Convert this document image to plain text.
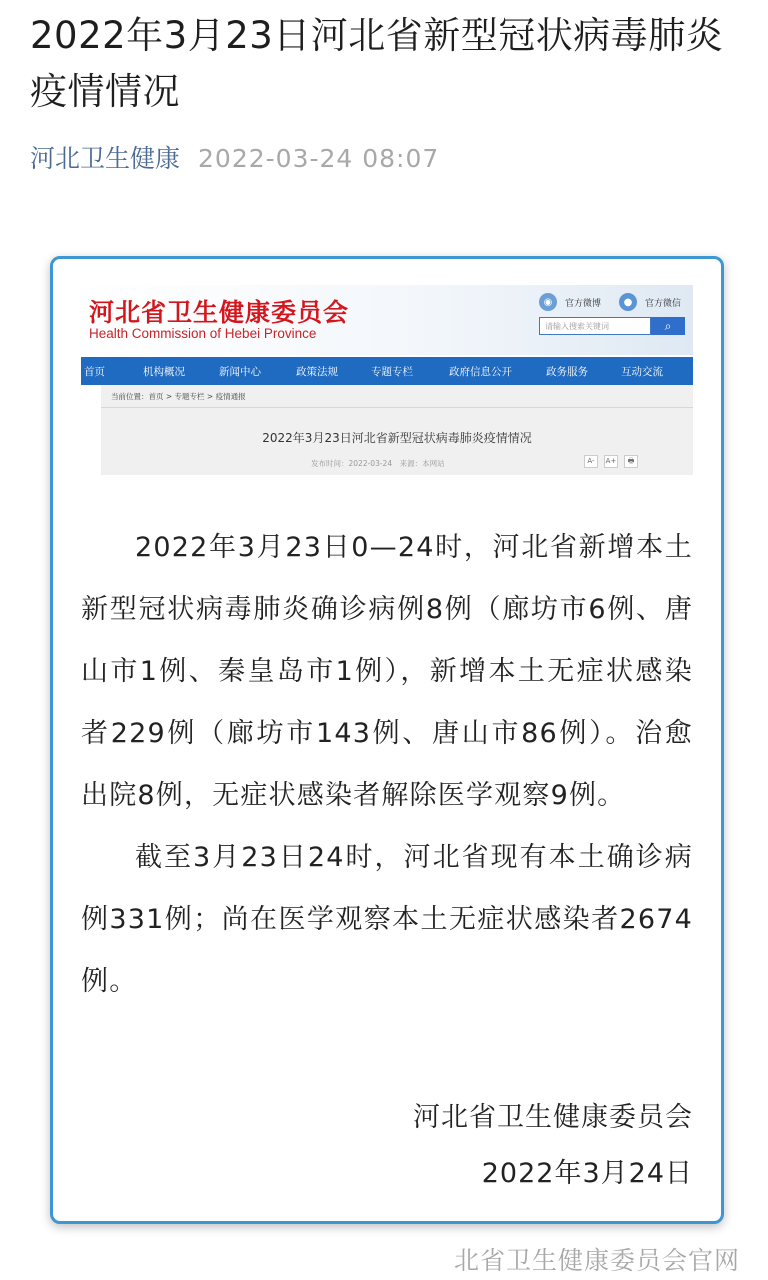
2022年3月23日河北省新型冠状病毒肺炎疫情情况
河北卫生健康 2022-03-24 08:07
河北省卫生健康委员会
Health Commission of Hebei Province
◉	官方微博	●	官方微信
请输入搜索关键词	⌕
首页	机构概况	新闻中心	政策法规	专题专栏	政府信息公开	政务服务	互动交流
当前位置：首页 > 专题专栏 > 疫情通报
2022年3月23日河北省新型冠状病毒肺炎疫情情况
发布时间：2022-03-24　来源：本网站	A-	A+	🖶

2022年3月23日0—24时，河北省新增本土新型冠状病毒肺炎确诊病例8例（廊坊市6例、唐山市1例、秦皇岛市1例），新增本土无症状感染者229例（廊坊市143例、唐山市86例）。治愈出院8例，无症状感染者解除医学观察9例。

截至3月23日24时，河北省现有本土确诊病例331例；尚在医学观察本土无症状感染者2674例。

河北省卫生健康委员会
2022年3月24日
北省卫生健康委员会官网
